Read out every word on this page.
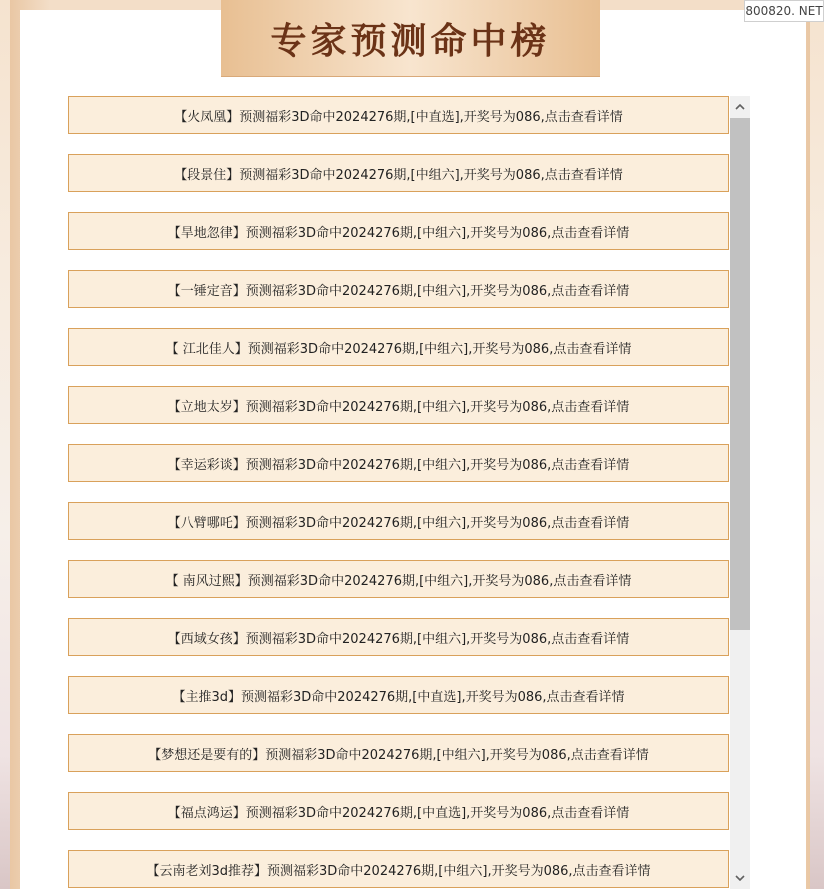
专家预测命中榜
800820. NET
【火凤凰】预测福彩3D命中2024276期,[中直选],开奖号为086,点击查看详情
【段景住】预测福彩3D命中2024276期,[中组六],开奖号为086,点击查看详情
【旱地忽律】预测福彩3D命中2024276期,[中组六],开奖号为086,点击查看详情
【一锤定音】预测福彩3D命中2024276期,[中组六],开奖号为086,点击查看详情
【 江北佳人】预测福彩3D命中2024276期,[中组六],开奖号为086,点击查看详情
【立地太岁】预测福彩3D命中2024276期,[中组六],开奖号为086,点击查看详情
【幸运彩谈】预测福彩3D命中2024276期,[中组六],开奖号为086,点击查看详情
【八臂哪吒】预测福彩3D命中2024276期,[中组六],开奖号为086,点击查看详情
【 南风过熙】预测福彩3D命中2024276期,[中组六],开奖号为086,点击查看详情
【西域女孩】预测福彩3D命中2024276期,[中组六],开奖号为086,点击查看详情
【主推3d】预测福彩3D命中2024276期,[中直选],开奖号为086,点击查看详情
【梦想还是要有的】预测福彩3D命中2024276期,[中组六],开奖号为086,点击查看详情
【福点鸿运】预测福彩3D命中2024276期,[中直选],开奖号为086,点击查看详情
【云南老刘3d推荐】预测福彩3D命中2024276期,[中组六],开奖号为086,点击查看详情
